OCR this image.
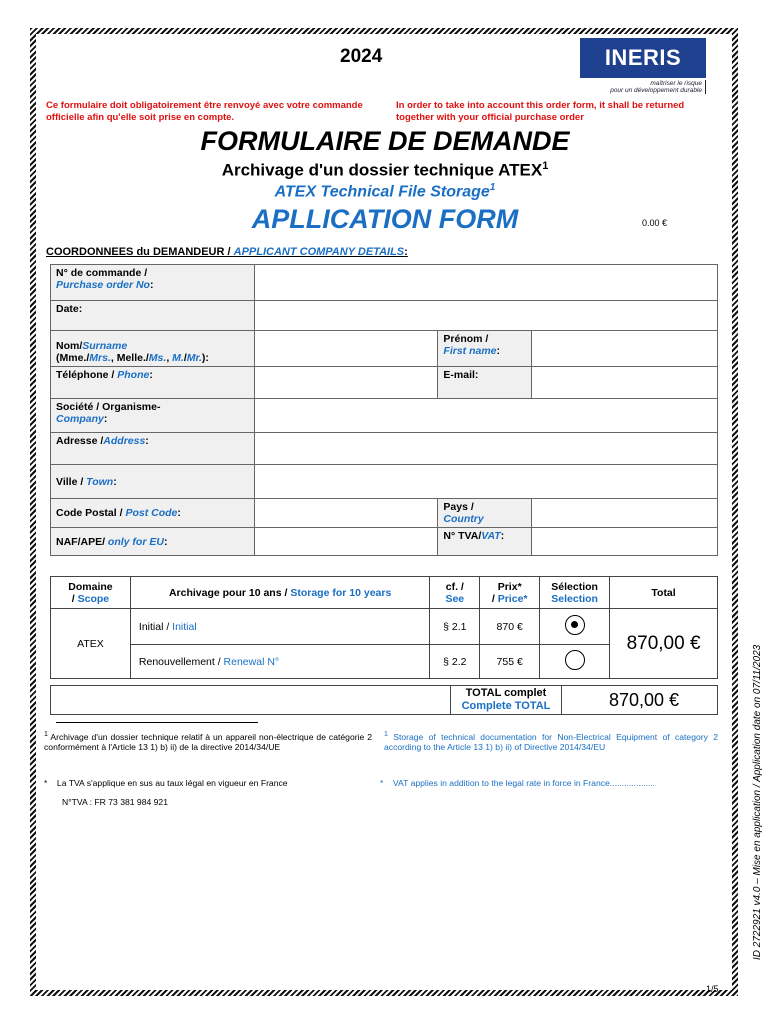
2024	INERIS
maîtriser le risque
pour un développement durable
Ce formulaire doit obligatoirement être renvoyé avec votre commande officielle afin qu'elle soit prise en compte.
In order to take into account this order form, it shall be returned together with your official purchase order
FORMULAIRE DE DEMANDE
Archivage d'un dossier technique ATEX$^1$
ATEX Technical File Storage$^1$
APLLICATION FORM	0.00 €
COORDONNEES du DEMANDEUR / APPLICANT COMPANY DETAILS:
N° de commande /
Purchase order No:			
Date:			
Nom/Surname
(Mme./Mrs., Melle./Ms., M./Mr.):		Prénom /
First name:	
Téléphone / Phone:		E-mail:	
Société / Organisme-
Company:			
Adresse /Address:			
Ville / Town:			
Code Postal / Post Code:		Pays /
Country	
NAF/APE/ only for EU:		N° TVA/VAT:	
Domaine
/ Scope	Archivage pour 10 ans / Storage for 10 years	cf. /
See	Prix*
/ Price*	Sélection
Selection	Total
ATEX	Initial / Initial	§ 2.1	870 €		870,00 €
	Renouvellement / Renewal N°	§ 2.2	755 €		
TOTAL complet
Complete TOTAL	870,00 €
$^1$ Archivage d'un dossier technique relatif à un appareil non-électrique de catégorie 2 conformément à l'Article 13 1) b) ii) de la directive 2014/34/UE
$^1$ Storage of technical documentation for Non-Electrical Equipment of category 2 according to the Article 13 1) b) ii) of Directive 2014/34/EU
* La TVA s'applique en sus au taux légal en vigueur en France	* VAT applies in addition to the legal rate in force in France...................
N°TVA : FR 73 381 984 921
1/5
ID 2722921 v4.0 – Mise en application / Application date on 07/11/2023
